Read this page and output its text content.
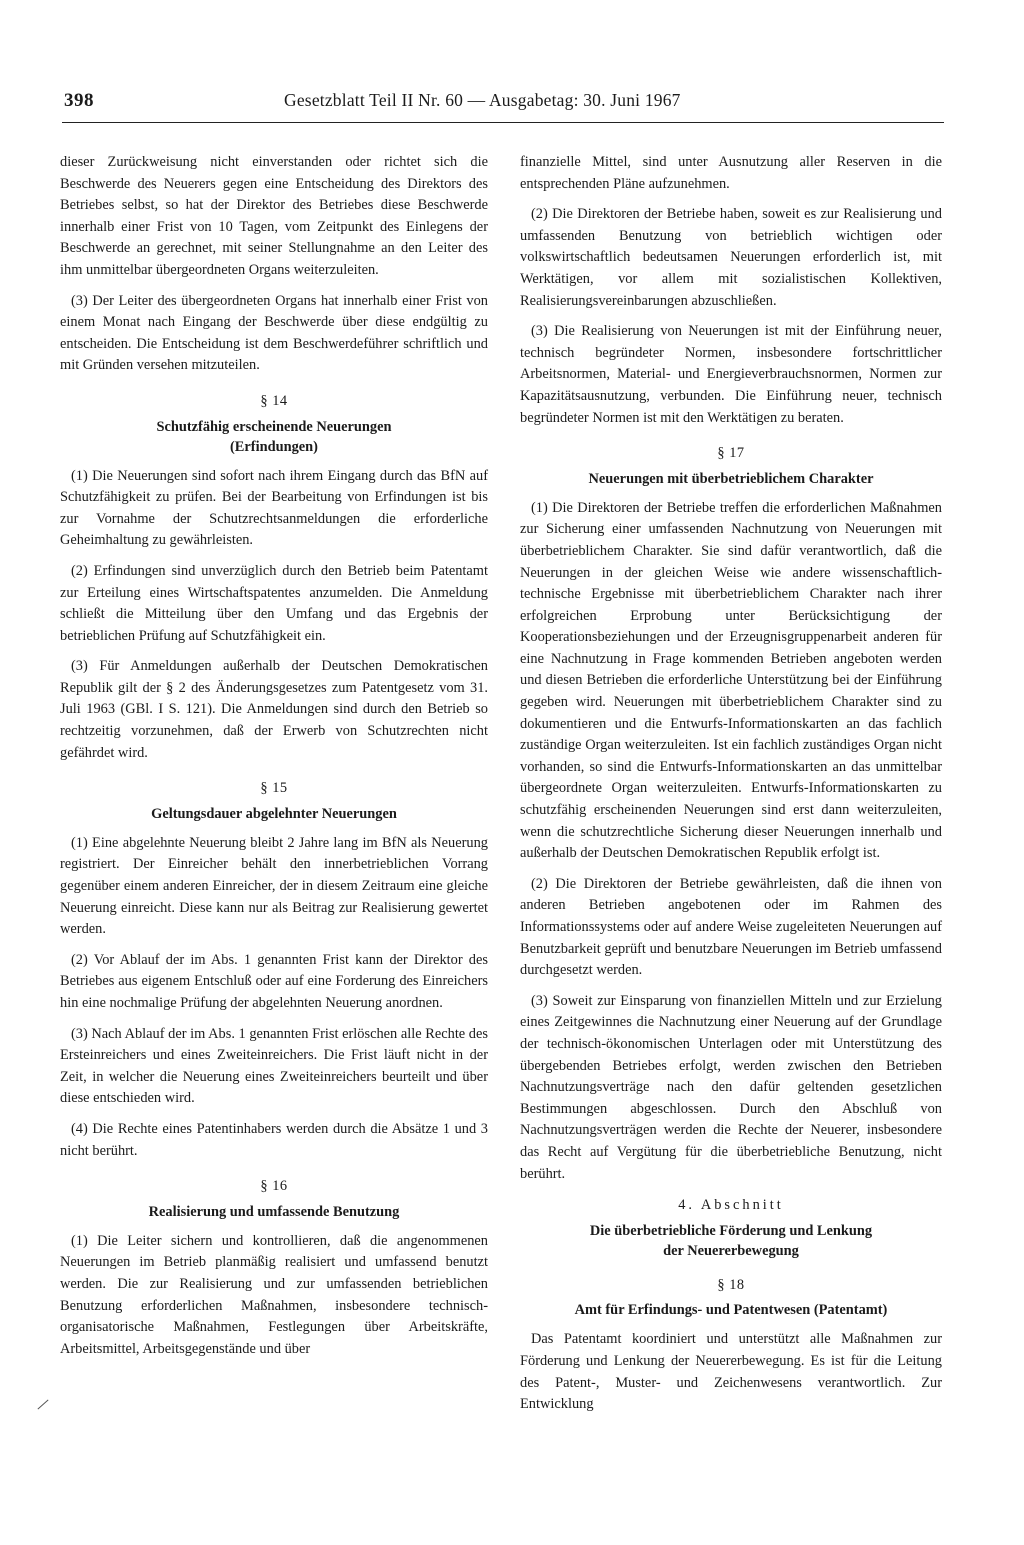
398	Gesetzblatt Teil II Nr. 60 — Ausgabetag: 30. Juni 1967

dieser Zurückweisung nicht einverstanden oder richtet sich die Beschwerde des Neuerers gegen eine Entscheidung des Direktors des Betriebes selbst, so hat der Direktor des Betriebes diese Beschwerde innerhalb einer Frist von 10 Tagen, vom Zeitpunkt des Einlegens der Beschwerde an gerechnet, mit seiner Stellungnahme an den Leiter des ihm unmittelbar übergeordneten Organs weiterzuleiten.

(3) Der Leiter des übergeordneten Organs hat innerhalb einer Frist von einem Monat nach Eingang der Beschwerde über diese endgültig zu entscheiden. Die Entscheidung ist dem Beschwerdeführer schriftlich und mit Gründen versehen mitzuteilen.

§ 14
Schutzfähig erscheinende Neuerungen
(Erfindungen)

(1) Die Neuerungen sind sofort nach ihrem Eingang durch das BfN auf Schutzfähigkeit zu prüfen. Bei der Bearbeitung von Erfindungen ist bis zur Vornahme der Schutzrechtsanmeldungen die erforderliche Geheimhaltung zu gewährleisten.

(2) Erfindungen sind unverzüglich durch den Betrieb beim Patentamt zur Erteilung eines Wirtschaftspatentes anzumelden. Die Anmeldung schließt die Mitteilung über den Umfang und das Ergebnis der betrieblichen Prüfung auf Schutzfähigkeit ein.

(3) Für Anmeldungen außerhalb der Deutschen Demokratischen Republik gilt der § 2 des Änderungsgesetzes zum Patentgesetz vom 31. Juli 1963 (GBl. I S. 121). Die Anmeldungen sind durch den Betrieb so rechtzeitig vorzunehmen, daß der Erwerb von Schutzrechten nicht gefährdet wird.

§ 15
Geltungsdauer abgelehnter Neuerungen

(1) Eine abgelehnte Neuerung bleibt 2 Jahre lang im BfN als Neuerung registriert. Der Einreicher behält den innerbetrieblichen Vorrang gegenüber einem anderen Einreicher, der in diesem Zeitraum eine gleiche Neuerung einreicht. Diese kann nur als Beitrag zur Realisierung gewertet werden.

(2) Vor Ablauf der im Abs. 1 genannten Frist kann der Direktor des Betriebes aus eigenem Entschluß oder auf eine Forderung des Einreichers hin eine nochmalige Prüfung der abgelehnten Neuerung anordnen.

(3) Nach Ablauf der im Abs. 1 genannten Frist erlöschen alle Rechte des Ersteinreichers und eines Zweiteinreichers. Die Frist läuft nicht in der Zeit, in welcher die Neuerung eines Zweiteinreichers beurteilt und über diese entschieden wird.

(4) Die Rechte eines Patentinhabers werden durch die Absätze 1 und 3 nicht berührt.

§ 16
Realisierung und umfassende Benutzung

(1) Die Leiter sichern und kontrollieren, daß die angenommenen Neuerungen im Betrieb planmäßig realisiert und umfassend benutzt werden. Die zur Realisierung und zur umfassenden betrieblichen Benutzung erforderlichen Maßnahmen, insbesondere technisch-organisatorische Maßnahmen, Festlegungen über Arbeitskräfte, Arbeitsmittel, Arbeitsgegenstände und über

finanzielle Mittel, sind unter Ausnutzung aller Reserven in die entsprechenden Pläne aufzunehmen.

(2) Die Direktoren der Betriebe haben, soweit es zur Realisierung und umfassenden Benutzung von betrieblich wichtigen oder volkswirtschaftlich bedeutsamen Neuerungen erforderlich ist, mit Werktätigen, vor allem mit sozialistischen Kollektiven, Realisierungsvereinbarungen abzuschließen.

(3) Die Realisierung von Neuerungen ist mit der Einführung neuer, technisch begründeter Normen, insbesondere fortschrittlicher Arbeitsnormen, Material- und Energieverbrauchsnormen, Normen zur Kapazitätsausnutzung, verbunden. Die Einführung neuer, technisch begründeter Normen ist mit den Werktätigen zu beraten.

§ 17
Neuerungen mit überbetrieblichem Charakter

(1) Die Direktoren der Betriebe treffen die erforderlichen Maßnahmen zur Sicherung einer umfassenden Nachnutzung von Neuerungen mit überbetrieblichem Charakter. Sie sind dafür verantwortlich, daß die Neuerungen in der gleichen Weise wie andere wissenschaftlich-technische Ergebnisse mit überbetrieblichem Charakter nach ihrer erfolgreichen Erprobung unter Berücksichtigung der Kooperationsbeziehungen und der Erzeugnisgruppenarbeit anderen für eine Nachnutzung in Frage kommenden Betrieben angeboten werden und diesen Betrieben die erforderliche Unterstützung bei der Einführung gegeben wird. Neuerungen mit überbetrieblichem Charakter sind zu dokumentieren und die Entwurfs-Informationskarten an das fachlich zuständige Organ weiterzuleiten. Ist ein fachlich zuständiges Organ nicht vorhanden, so sind die Entwurfs-Informationskarten an das unmittelbar übergeordnete Organ weiterzuleiten. Entwurfs-Informationskarten zu schutzfähig erscheinenden Neuerungen sind erst dann weiterzuleiten, wenn die schutzrechtliche Sicherung dieser Neuerungen innerhalb und außerhalb der Deutschen Demokratischen Republik erfolgt ist.

(2) Die Direktoren der Betriebe gewährleisten, daß die ihnen von anderen Betrieben angebotenen oder im Rahmen des Informationssystems oder auf andere Weise zugeleiteten Neuerungen auf Benutzbarkeit geprüft und benutzbare Neuerungen im Betrieb umfassend durchgesetzt werden.

(3) Soweit zur Einsparung von finanziellen Mitteln und zur Erzielung eines Zeitgewinnes die Nachnutzung einer Neuerung auf der Grundlage der technisch-ökonomischen Unterlagen oder mit Unterstützung des übergebenden Betriebes erfolgt, werden zwischen den Betrieben Nachnutzungsverträge nach den dafür geltenden gesetzlichen Bestimmungen abgeschlossen. Durch den Abschluß von Nachnutzungsverträgen werden die Rechte der Neuerer, insbesondere das Recht auf Vergütung für die überbetriebliche Benutzung, nicht berührt.

4. Abschnitt
Die überbetriebliche Förderung und Lenkung
der Neuererbewegung
§ 18
Amt für Erfindungs- und Patentwesen (Patentamt)

Das Patentamt koordiniert und unterstützt alle Maßnahmen zur Förderung und Lenkung der Neuererbewegung. Es ist für die Leitung des Patent-, Muster- und Zeichenwesens verantwortlich. Zur Entwicklung
